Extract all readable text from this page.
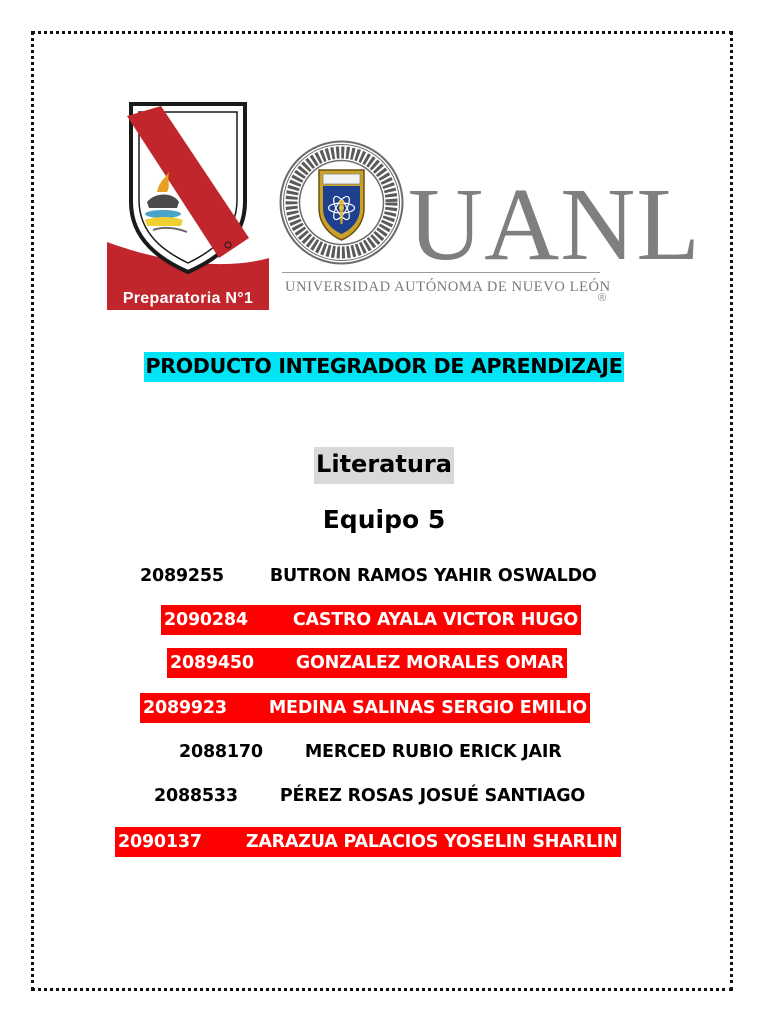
Preparatoria N°1
UANL
UNIVERSIDAD AUTÓNOMA DE NUEVO LEÓN
®
PRODUCTO INTEGRADOR DE APRENDIZAJE
Literatura
Equipo 5
2089255	BUTRON RAMOS YAHIR OSWALDO
2090284	CASTRO AYALA VICTOR HUGO
2089450 GONZALEZ MORALES OMAR
2089923 MEDINA SALINAS SERGIO EMILIO
2088170 MERCED RUBIO ERICK JAIR
2088533 PÉREZ ROSAS JOSUÉ SANTIAGO
2090137	ZARAZUA PALACIOS YOSELIN SHARLIN
